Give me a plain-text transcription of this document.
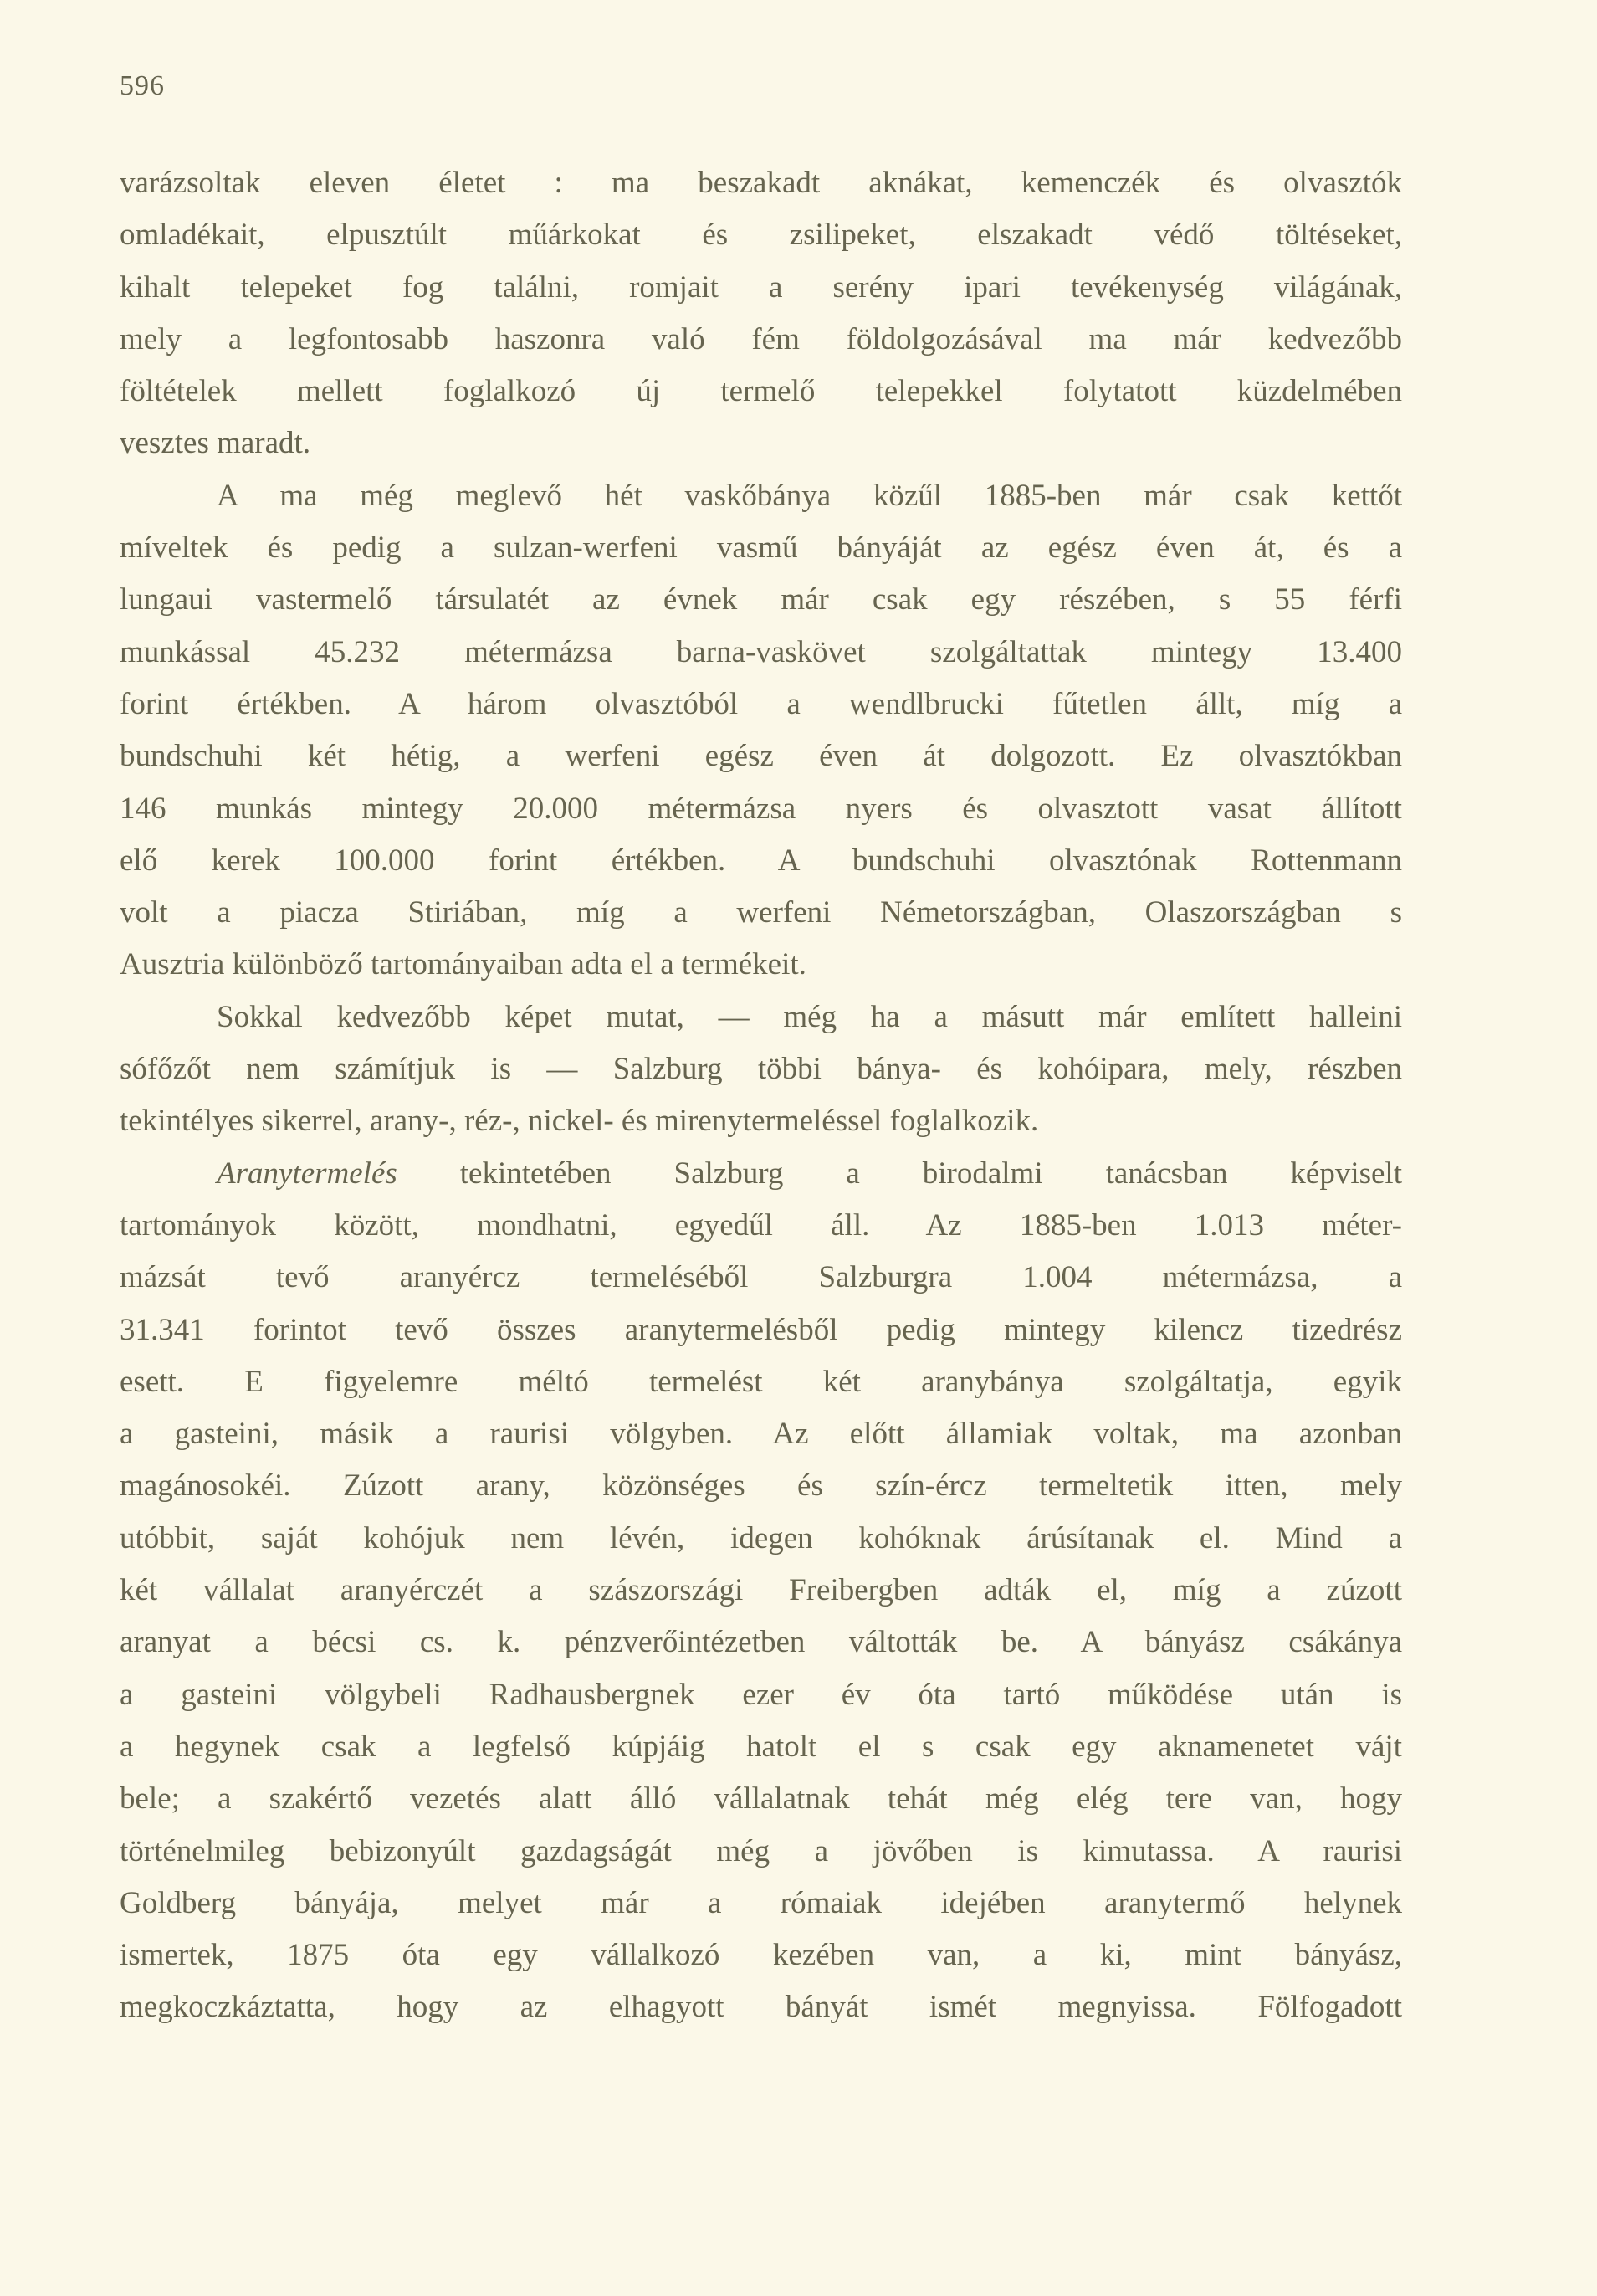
596
varázsoltak eleven életet : ma beszakadt aknákat, kemenczék és olvasztók
omladékait, elpusztúlt műárkokat és zsilipeket, elszakadt védő töltéseket,
kihalt telepeket fog találni, romjait a serény ipari tevékenység világának,
mely a legfontosabb haszonra való fém földolgozásával ma már kedvezőbb
föltételek mellett foglalkozó új termelő telepekkel folytatott küzdelmében
vesztes maradt.
A ma még meglevő hét vaskőbánya közűl 1885-ben már csak kettőt
míveltek és pedig a sulzan-werfeni vasmű bányáját az egész éven át, és a
lungaui vastermelő társulatét az évnek már csak egy részében, s 55 férfi
munkással 45.232 métermázsa barna-vaskövet szolgáltattak mintegy 13.400
forint értékben. A három olvasztóból a wendlbrucki fűtetlen állt, míg a
bundschuhi két hétig, a werfeni egész éven át dolgozott. Ez olvasztókban
146 munkás mintegy 20.000 métermázsa nyers és olvasztott vasat állított
elő kerek 100.000 forint értékben. A bundschuhi olvasztónak Rottenmann
volt a piacza Stiriában, míg a werfeni Németországban, Olaszországban s
Ausztria különböző tartományaiban adta el a termékeit.
Sokkal kedvezőbb képet mutat, — még ha a másutt már említett halleini
sófőzőt nem számítjuk is — Salzburg többi bánya- és kohóipara, mely, részben
tekintélyes sikerrel, arany-, réz-, nickel- és mirenytermeléssel foglalkozik.
Aranytermelés tekintetében Salzburg a birodalmi tanácsban képviselt
tartományok között, mondhatni, egyedűl áll. Az 1885-ben 1.013 méter-
mázsát tevő aranyércz termeléséből Salzburgra 1.004 métermázsa, a
31.341 forintot tevő összes aranytermelésből pedig mintegy kilencz tizedrész
esett. E figyelemre méltó termelést két aranybánya szolgáltatja, egyik
a gasteini, másik a raurisi völgyben. Az előtt államiak voltak, ma azonban
magánosokéi. Zúzott arany, közönséges és szín-ércz termeltetik itten, mely
utóbbit, saját kohójuk nem lévén, idegen kohóknak árúsítanak el. Mind a
két vállalat aranyérczét a szászországi Freibergben adták el, míg a zúzott
aranyat a bécsi cs. k. pénzverőintézetben váltották be. A bányász csákánya
a gasteini völgybeli Radhausbergnek ezer év óta tartó működése után is
a hegynek csak a legfelső kúpjáig hatolt el s csak egy aknamenetet vájt
bele; a szakértő vezetés alatt álló vállalatnak tehát még elég tere van, hogy
történelmileg bebizonyúlt gazdagságát még a jövőben is kimutassa. A raurisi
Goldberg bányája, melyet már a rómaiak idejében aranytermő helynek
ismertek, 1875 óta egy vállalkozó kezében van, a ki, mint bányász,
megkoczkáztatta, hogy az elhagyott bányát ismét megnyissa. Fölfogadott
